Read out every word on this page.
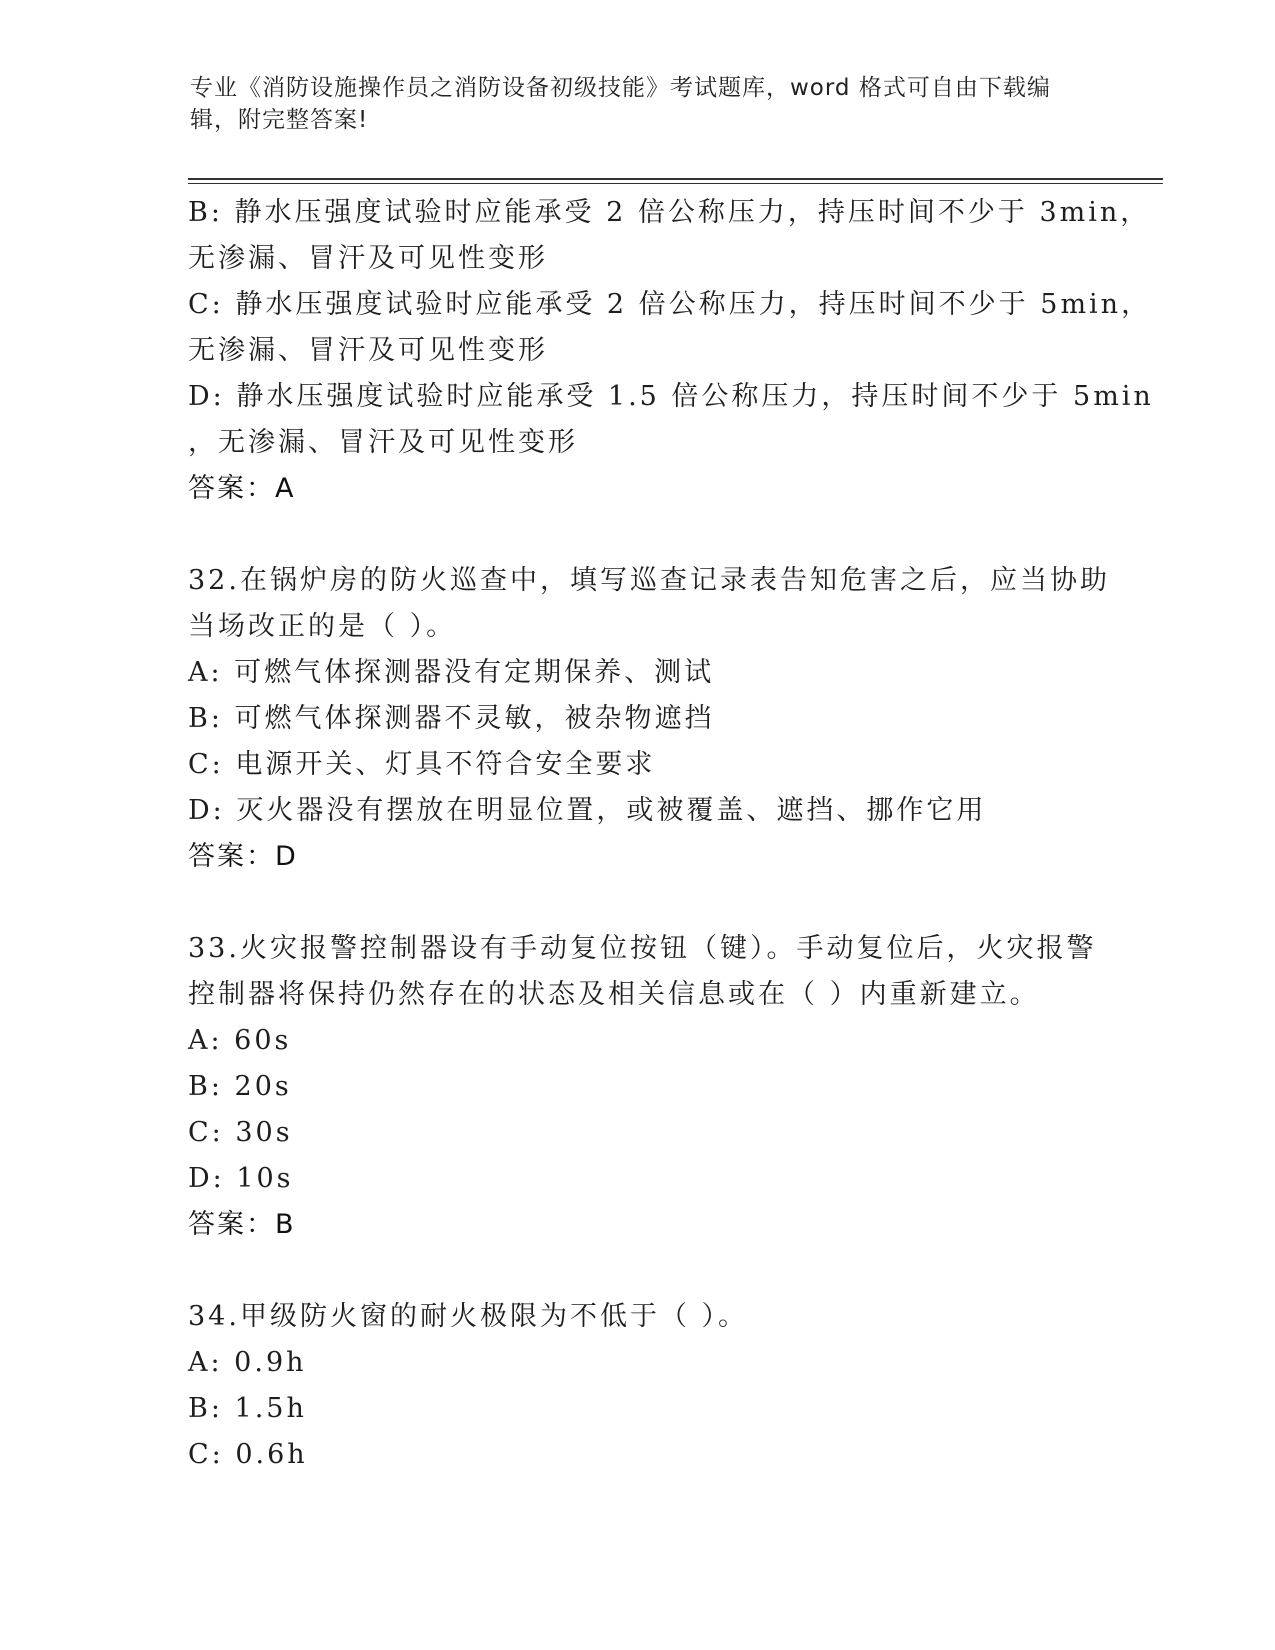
专业《消防设施操作员之消防设备初级技能》考试题库，word 格式可自由下载编
辑，附完整答案!
B: 静水压强度试验时应能承受 2 倍公称压力，持压时间不少于 3min，
无渗漏、冒汗及可见性变形
C: 静水压强度试验时应能承受 2 倍公称压力，持压时间不少于 5min，
无渗漏、冒汗及可见性变形
D: 静水压强度试验时应能承受 1.5 倍公称压力，持压时间不少于 5min
，无渗漏、冒汗及可见性变形
答案：A
32.在锅炉房的防火巡查中，填写巡查记录表告知危害之后，应当协助
当场改正的是（ ）。
A: 可燃气体探测器没有定期保养、测试
B: 可燃气体探测器不灵敏，被杂物遮挡
C: 电源开关、灯具不符合安全要求
D: 灭火器没有摆放在明显位置，或被覆盖、遮挡、挪作它用
答案：D
33.火灾报警控制器设有手动复位按钮（键）。手动复位后，火灾报警
控制器将保持仍然存在的状态及相关信息或在（ ）内重新建立。
A: 60s
B: 20s
C: 30s
D: 10s
答案：B
34.甲级防火窗的耐火极限为不低于（ ）。
A: 0.9h
B: 1.5h
C: 0.6h
